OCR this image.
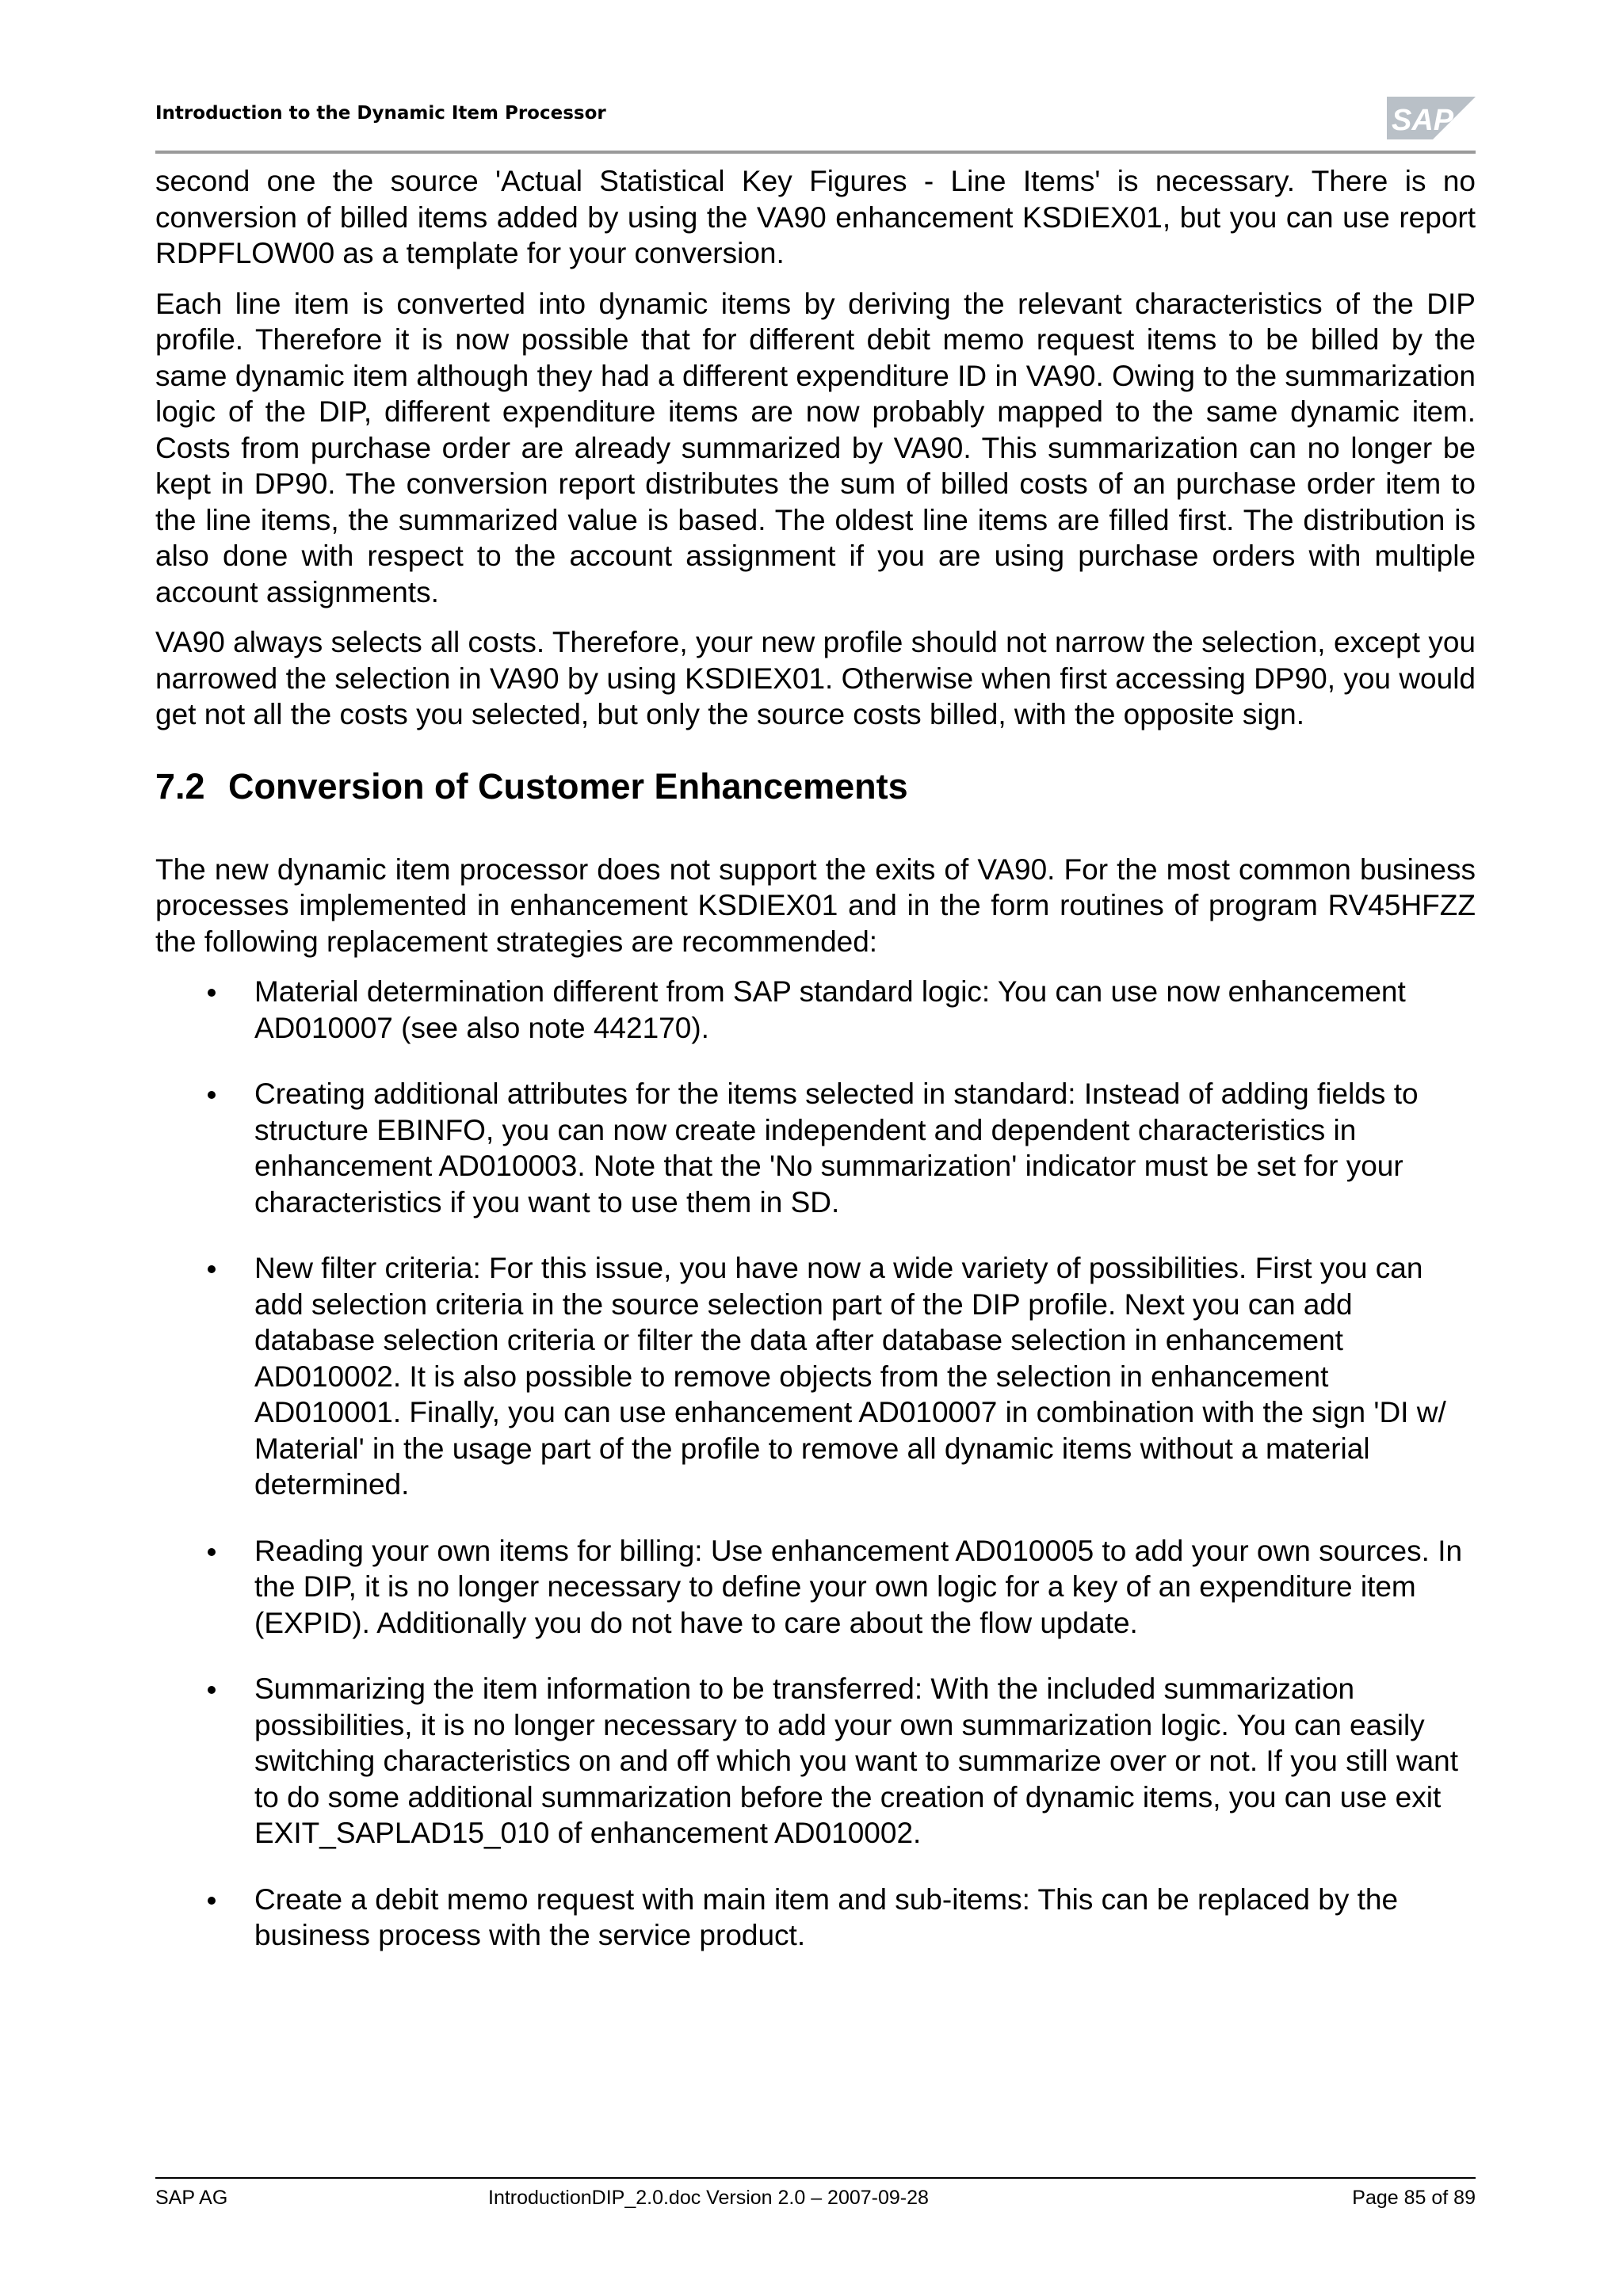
Introduction to the Dynamic Item Processor	SAP

second one the source 'Actual Statistical Key Figures - Line Items' is necessary. There is no conversion of billed items added by using the VA90 enhancement KSDIEX01, but you can use report RDPFLOW00 as a template for your conversion.

Each line item is converted into dynamic items by deriving the relevant characteristics of the DIP profile. Therefore it is now possible that for different debit memo request items to be billed by the same dynamic item although they had a different expenditure ID in VA90. Owing to the summarization logic of the DIP, different expenditure items are now probably mapped to the same dynamic item. Costs from purchase order are already summarized by VA90. This summarization can no longer be kept in DP90. The conversion report distributes the sum of billed costs of an purchase order item to the line items, the summarized value is based. The oldest line items are filled first. The distribution is also done with respect to the account assignment if you are using purchase orders with multiple account assignments.

VA90 always selects all costs. Therefore, your new profile should not narrow the selection, except you narrowed the selection in VA90 by using KSDIEX01. Otherwise when first accessing DP90, you would get not all the costs you selected, but only the source costs billed, with the opposite sign.

7.2 Conversion of Customer Enhancements

The new dynamic item processor does not support the exits of VA90. For the most common business processes implemented in enhancement KSDIEX01 and in the form routines of program RV45HFZZ the following replacement strategies are recommended:

Material determination different from SAP standard logic: You can use now enhancement AD010007 (see also note 442170).
Creating additional attributes for the items selected in standard: Instead of adding fields to structure EBINFO, you can now create independent and dependent characteristics in enhancement AD010003. Note that the 'No summarization' indicator must be set for your characteristics if you want to use them in SD.
New filter criteria: For this issue, you have now a wide variety of possibilities. First you can add selection criteria in the source selection part of the DIP profile. Next you can add database selection criteria or filter the data after database selection in enhancement AD010002. It is also possible to remove objects from the selection in enhancement AD010001. Finally, you can use enhancement AD010007 in combination with the sign 'DI w/ Material' in the usage part of the profile to remove all dynamic items without a material determined.
Reading your own items for billing: Use enhancement AD010005 to add your own sources. In the DIP, it is no longer necessary to define your own logic for a key of an expenditure item (EXPID). Additionally you do not have to care about the flow update.
Summarizing the item information to be transferred: With the included summarization possibilities, it is no longer necessary to add your own summarization logic. You can easily switching characteristics on and off which you want to summarize over or not. If you still want to do some additional summarization before the creation of dynamic items, you can use exit EXIT_SAPLAD15_010 of enhancement AD010002.
Create a debit memo request with main item and sub-items: This can be replaced by the business process with the service product.
SAP AG	IntroductionDIP_2.0.doc Version 2.0 – 2007-09-28	Page 85 of 89
